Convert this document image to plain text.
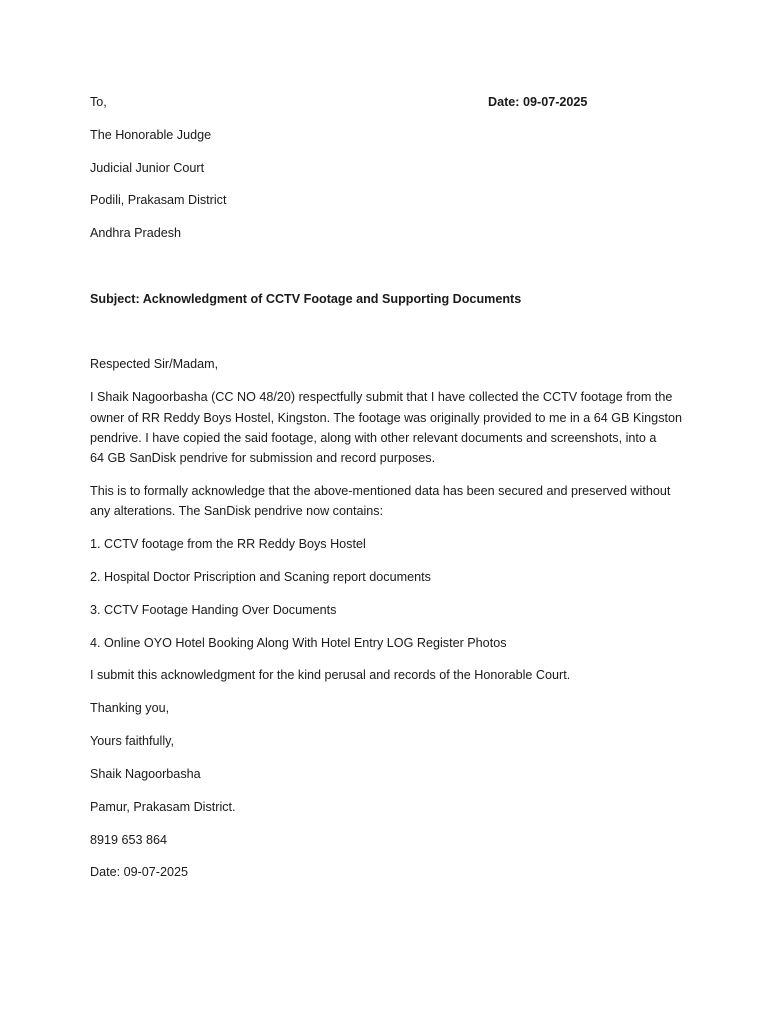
To,	Date: 09-07-2025
The Honorable Judge
Judicial Junior Court
Podili, Prakasam District
Andhra Pradesh
Subject: Acknowledgment of CCTV Footage and Supporting Documents
Respected Sir/Madam,
I Shaik Nagoorbasha (CC NO 48/20) respectfully submit that I have collected the CCTV footage from the
owner of RR Reddy Boys Hostel, Kingston. The footage was originally provided to me in a 64 GB Kingston
pendrive. I have copied the said footage, along with other relevant documents and screenshots, into a
64 GB SanDisk pendrive for submission and record purposes.
This is to formally acknowledge that the above-mentioned data has been secured and preserved without
any alterations. The SanDisk pendrive now contains:
1. CCTV footage from the RR Reddy Boys Hostel
2. Hospital Doctor Priscription and Scaning report documents
3. CCTV Footage Handing Over Documents
4. Online OYO Hotel Booking Along With Hotel Entry LOG Register Photos
I submit this acknowledgment for the kind perusal and records of the Honorable Court.
Thanking you,
Yours faithfully,
Shaik Nagoorbasha
Pamur, Prakasam District.
8919 653 864
Date: 09-07-2025
